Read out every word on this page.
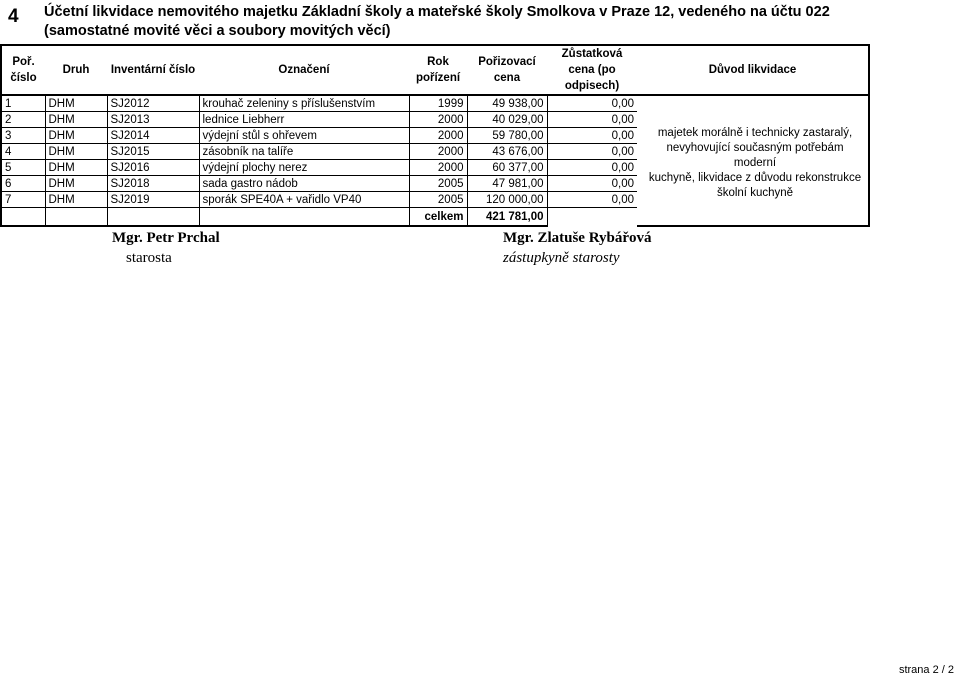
4 Účetní likvidace nemovitého majetku Základní školy a mateřské školy Smolkova v Praze 12, vedeného na účtu 022 (samostatné movité věci a soubory movitých věcí)
Poř. číslo	Druh	Inventární číslo	Označení	Rok pořízení	Pořizovací cena	Zůstatková cena (po odpisech)	Důvod likvidace
1	DHM	SJ2012	krouhač zeleniny s příslušenstvím	1999	49 938,00	0,00	
2	DHM	SJ2013	lednice Liebherr	2000	40 029,00	0,00	
3	DHM	SJ2014	výdejní stůl s ohřevem	2000	59 780,00	0,00	
4	DHM	SJ2015	zásobník na talíře	2000	43 676,00	0,00	
5	DHM	SJ2016	výdejní plochy nerez	2000	60 377,00	0,00	
6	DHM	SJ2018	sada gastro nádob	2005	47 981,00	0,00	
7	DHM	SJ2019	sporák SPE40A + vařidlo VP40	2005	120 000,00	0,00	
				celkem	421 781,00		
majetek morálně i technicky zastaralý,
nevyhovující současným potřebám moderní
kuchyně, likvidace z důvodu rekonstrukce
školní kuchyně
Mgr. Petr Prchal
starosta
Mgr. Zlatuše Rybářová
zástupkyně starosty
strana 2 / 2
